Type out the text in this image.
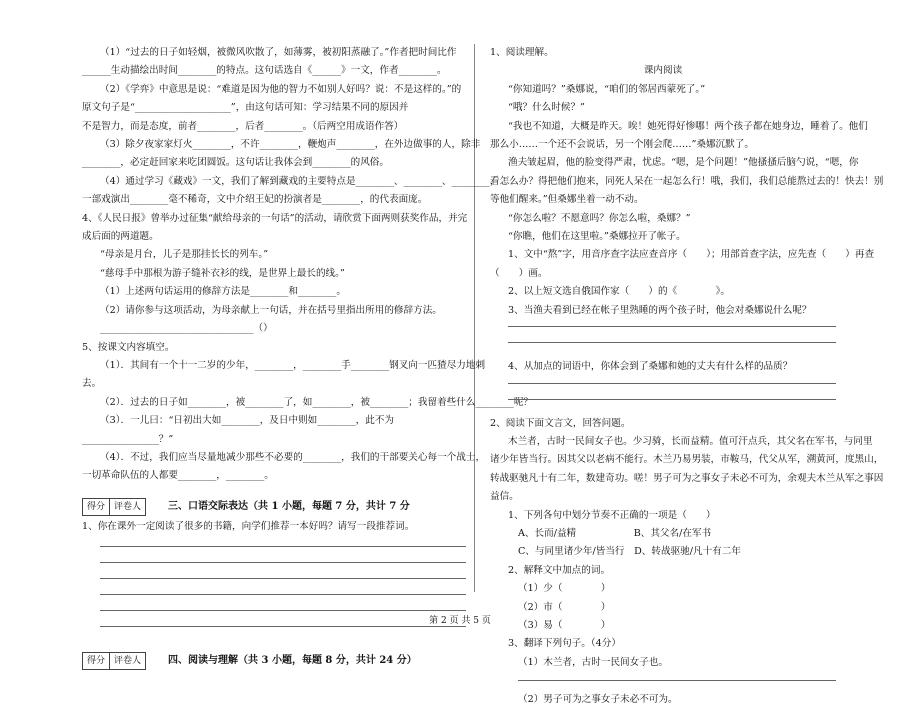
（1）“过去的日子如轻烟，被微风吹散了，如薄雾，被初阳蒸融了。”作者把时间比作
______生动描绘出时间________的特点。这句话选自《______》一文，作者________。
（2）《学弈》中意思是说：“难道是因为他的智力不如别人好吗？说：不是这样的。”的
原文句子是“____________________”，由这句话可知：学习结果不同的原因并
不是智力，而是态度，前者________，后者________。（后两空用成语作答）
（3）除夕夜家家灯火________，不许________，鞭炮声________，在外边做事的人，除非
________，必定赶回家来吃团圆饭。这句话让我体会到________的风俗。
（4）通过学习《藏戏》一文，我们了解到藏戏的主要特点是________、________、________，
一部戏演出________毫不稀奇，文中介绍王妃的扮演者是________，的代表面庞。
4、《人民日报》曾举办过征集“献给母亲的一句话”的活动，请欣赏下面两则获奖作品，并完
成后面的两道题。
“母亲是月台，儿子是那挂长长的列车。”
“慈母手中那根为游子缝补衣衫的线，是世界上最长的线。”
（1）上述两句话运用的修辞方法是________和________。
（2）请你参与这项活动，为母亲献上一句话，并在括号里指出所用的修辞方法。
________________________________（）
5、按课文内容填空。
（1）．其间有一个十一二岁的少年，________，________手________钢叉向一匹猹尽力地刺
去。
（2）．过去的日子如________，被________了，如________，被________；我留着些什么________呢？
（3）．一儿曰：“日初出大如________，及日中则如________，此不为
________________？”
（4）．不过，我们应当尽量地减少那些不必要的________，我们的干部要关心每一个战士，
一切革命队伍的人都要________，________。
得分	评卷人	三、口语交际表达（共 1 小题，每题 7 分，共计 7 分
1、你在课外一定阅读了很多的书籍，向学们推荐一本好吗？请写一段推荐词。
得分	评卷人	四、阅读与理解（共 3 小题，每题 8 分，共计 24 分）
1、阅读理解。
课内阅读
“你知道吗？”桑娜说，“咱们的邻居西蒙死了。”
“哦？什么时候？”
“我也不知道，大概是昨天。唉！她死得好惨哪！两个孩子都在她身边，睡着了。他们
那么小……一个还不会说话，另一个刚会爬……”桑娜沉默了。
渔夫皱起眉，他的脸变得严肃，忧虑。“嗯，是个问题！”他搔搔后脑勺说，“嗯，你
看怎么办？得把他们抱来，同死人呆在一起怎么行！哦，我们，我们总能熬过去的！快去！别
等他们醒来。”但桑娜坐着一动不动。
“你怎么啦？不愿意吗？你怎么啦，桑娜？”
“你瞧，他们在这里啦。”桑娜拉开了帐子。
1、文中“熬”字，用音序查字法应查音序（　　）；用部首查字法，应先查（　　）再查
（　　）画。
2、以上短文选自俄国作家（　　）的《　　　　》。
3、当渔夫看到已经在帐子里熟睡的两个孩子时，他会对桑娜说什么呢？
4、从加点的词语中，你体会到了桑娜和她的丈夫有什么样的品质？
2、阅读下面文言文，回答问题。
木兰者，古时一民间女子也。少习骑，长而益精。值可汗点兵，其父名在军书，与同里
诸少年皆当行。因其父以老病不能行。木兰乃易男装，市鞍马，代父从军，溯黄河，度黑山，
转战驱驰凡十有二年，数建奇功。嗟！男子可为之事女子未必不可为，余观夫木兰从军之事因
益信。
1、下列各句中划分节奏不正确的一项是（　　）
A、长而/益精　　　　　　B、其父名/在军书
C、与同里诸少年/皆当行　D、转战驱驰/凡十有二年
2、解释文中加点的词。
（1）少（　　　　）
（2）市（　　　　）
（3）易（　　　　）
3、翻译下列句子。（4分）
（1）木兰者，古时一民间女子也。
（2）男子可为之事女子未必不可为。
第 2 页 共 5 页
